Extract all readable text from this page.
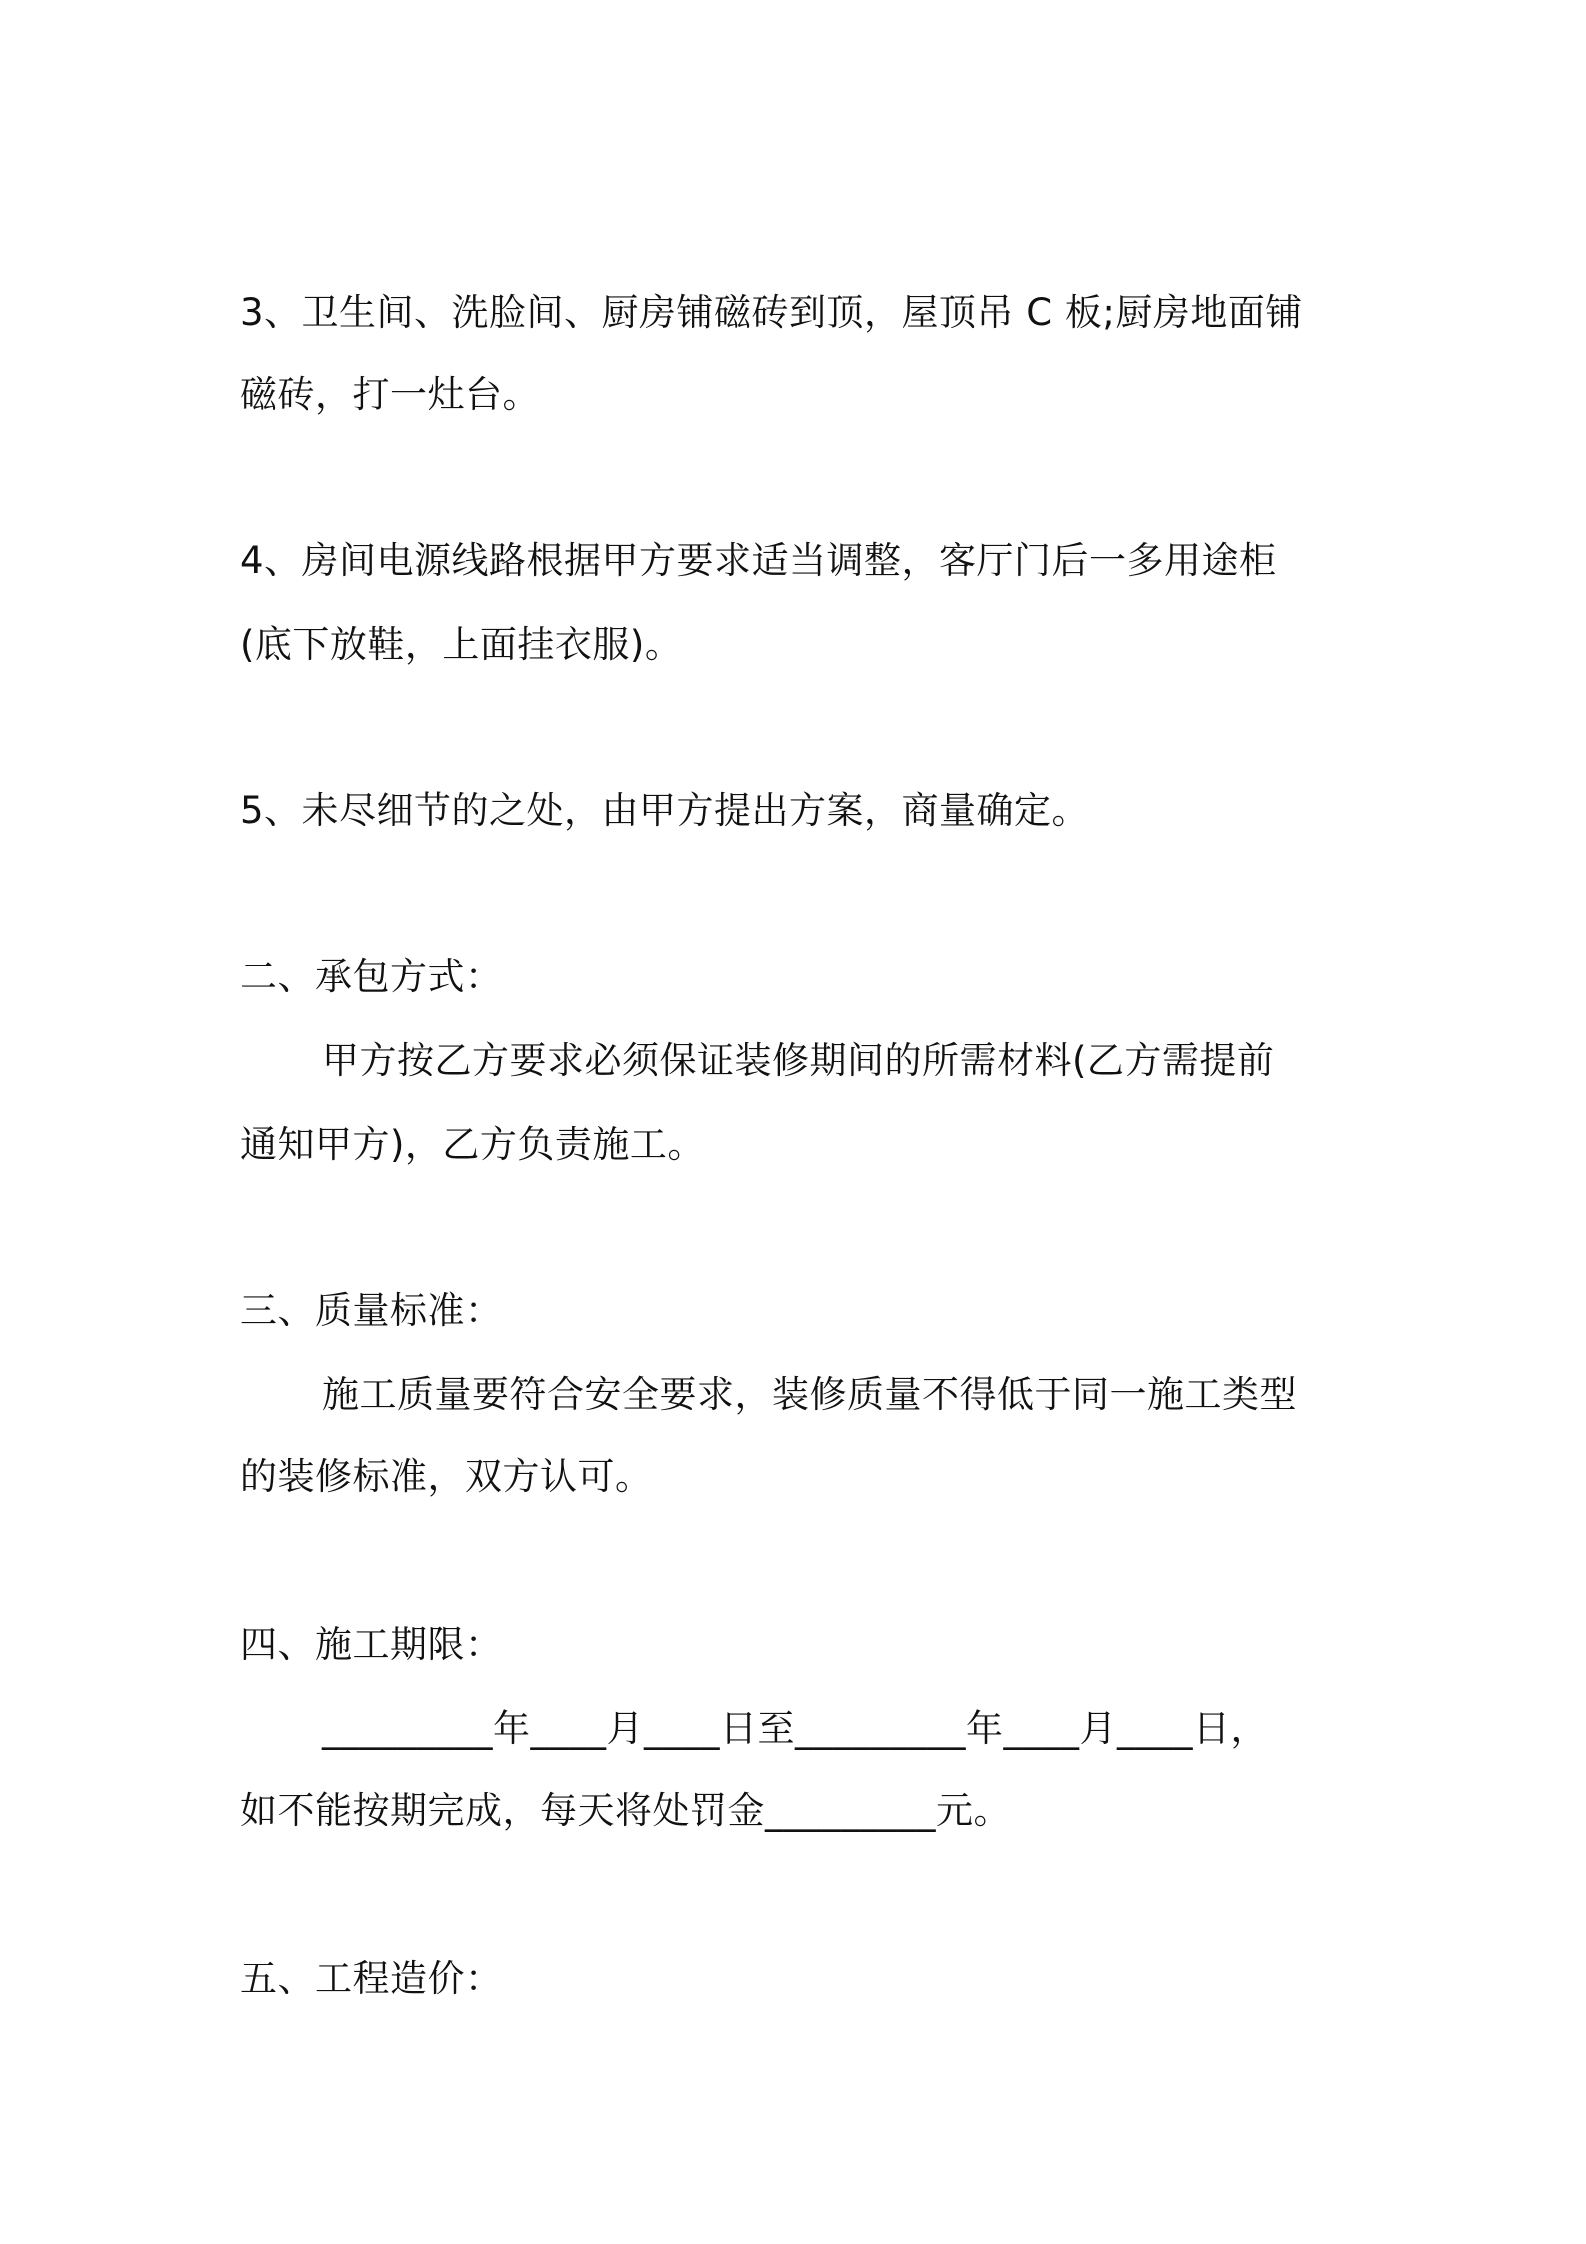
3、卫生间、洗脸间、厨房铺磁砖到顶，屋顶吊 C 板;厨房地面铺
磁砖，打一灶台。
4、房间电源线路根据甲方要求适当调整，客厅门后一多用途柜
(底下放鞋，上面挂衣服)。
5、未尽细节的之处，由甲方提出方案，商量确定。
二、承包方式：
甲方按乙方要求必须保证装修期间的所需材料(乙方需提前
通知甲方)，乙方负责施工。
三、质量标准：
施工质量要符合安全要求，装修质量不得低于同一施工类型
的装修标准，双方认可。
四、施工期限：
_________年____月____日至_________年____月____日，
如不能按期完成，每天将处罚金_________元。
五、工程造价：
